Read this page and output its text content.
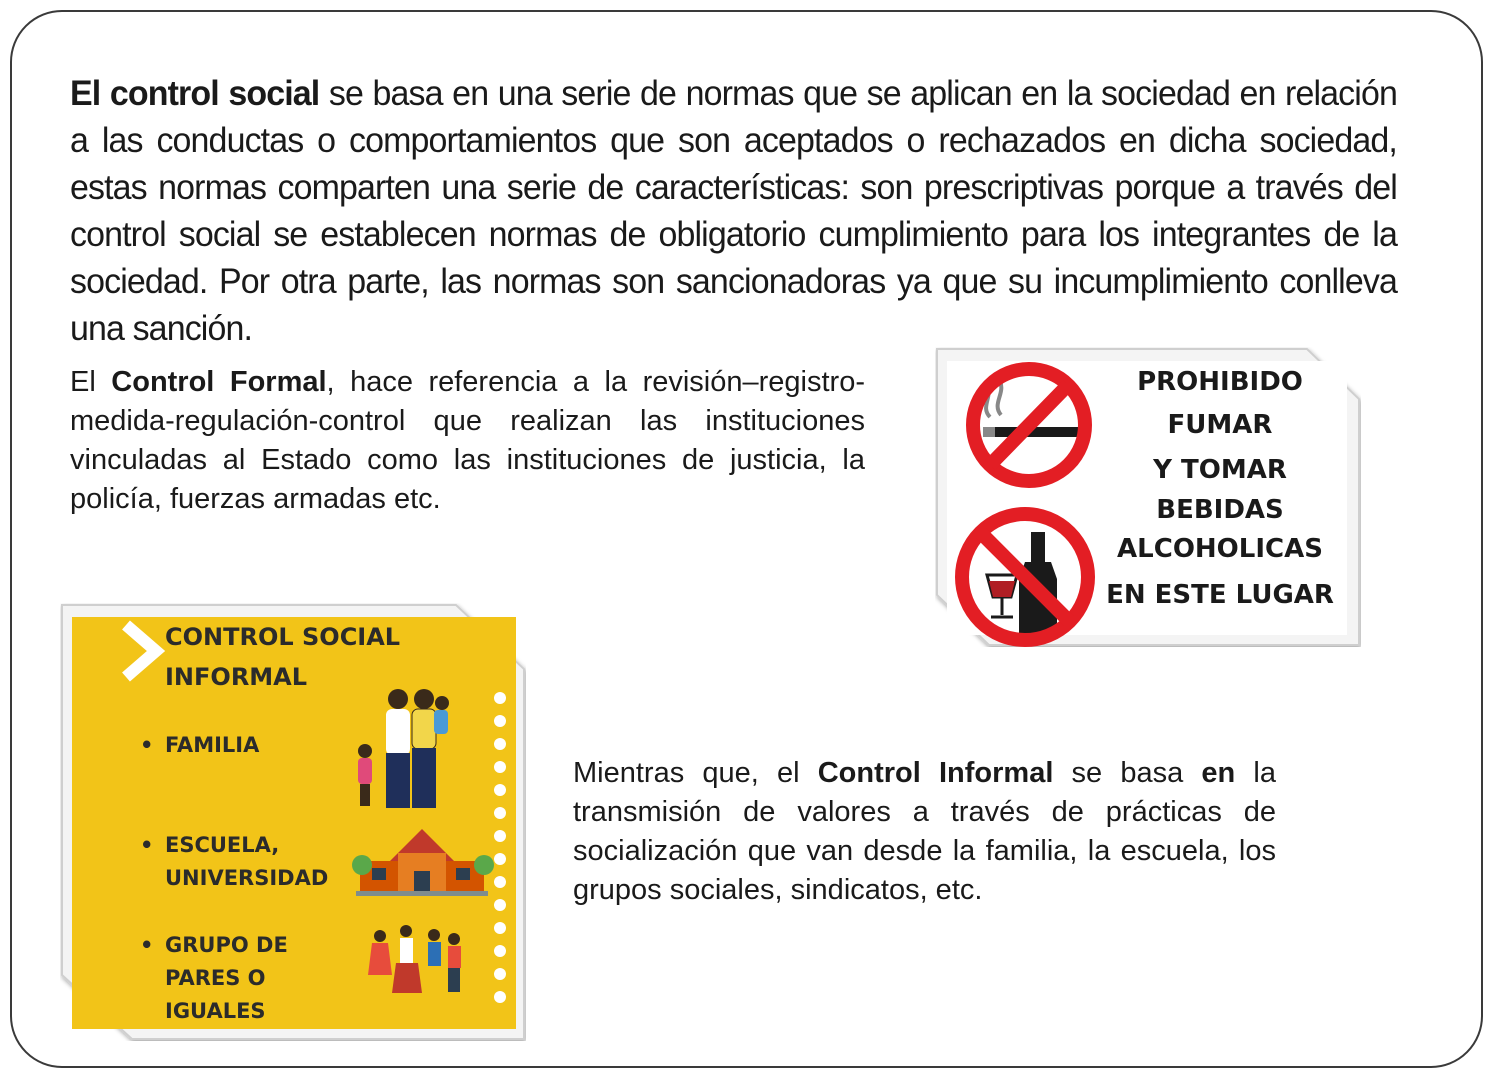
El control social se basa en una serie de normas que se aplican en la sociedad en relación a las conductas o comportamientos que son aceptados o rechazados en dicha sociedad, estas normas comparten una serie de características: son prescriptivas porque a través del control social se establecen normas de obligatorio cumplimiento para los integrantes de la sociedad. Por otra parte, las normas son sancionadoras ya que su incumplimiento conlleva una sanción.
El Control Formal, hace referencia a la revisión–registro-medida-regulación-control que realizan las instituciones vinculadas al Estado como las instituciones de justicia, la policía, fuerzas armadas etc.
Mientras que, el Control Informal se basa en la transmisión de valores a través de prácticas de socialización que van desde la familia, la escuela, los grupos sociales, sindicatos, etc.
PROHIBIDO
FUMAR
Y TOMAR
BEBIDAS
ALCOHOLICAS
EN ESTE LUGAR
CONTROL SOCIAL
INFORMAL
• FAMILIA
• ESCUELA,
UNIVERSIDAD
• GRUPO DE
PARES O
IGUALES
